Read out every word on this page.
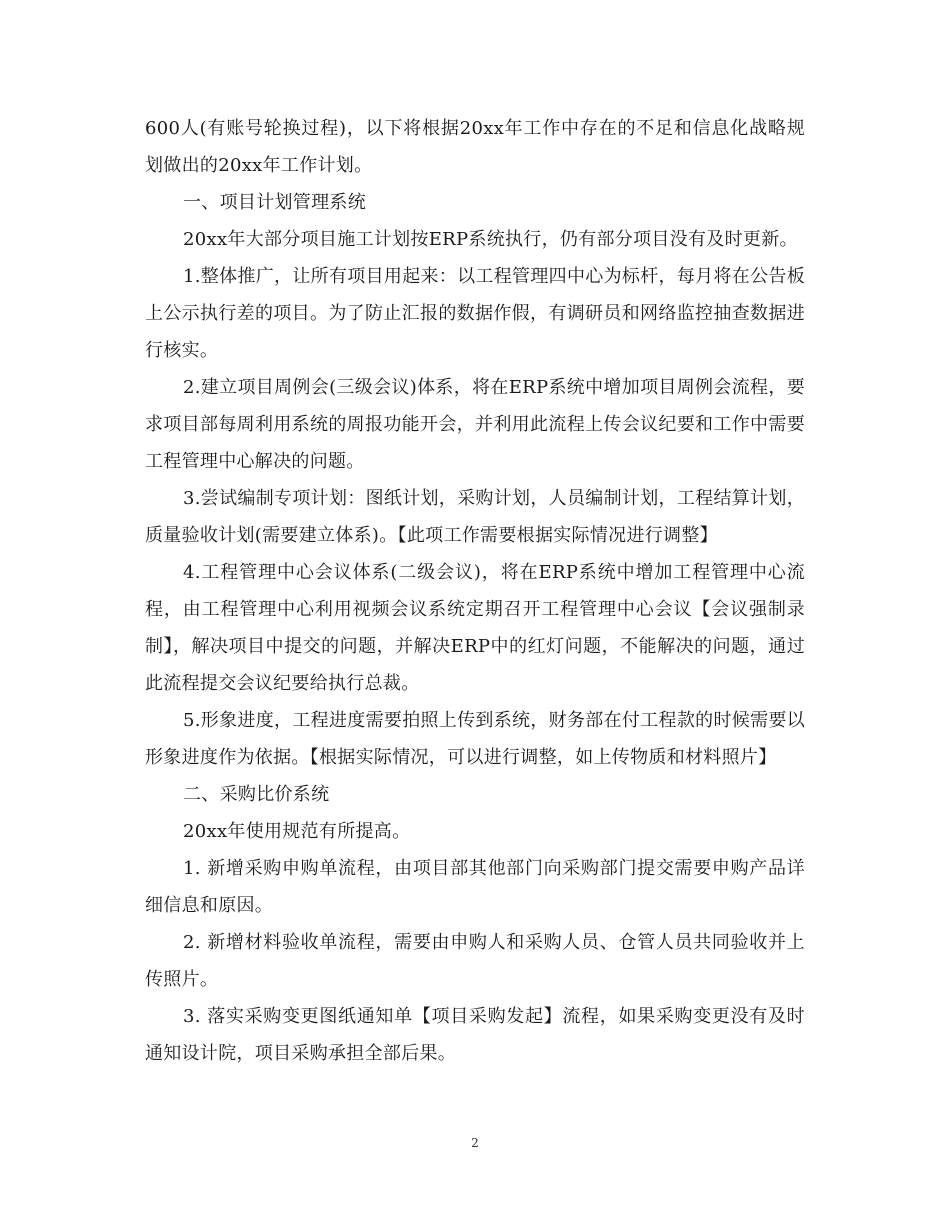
600人(有账号轮换过程)，以下将根据20xx年工作中存在的不足和信息化战略规划做出的20xx年工作计划。

一、项目计划管理系统

20xx年大部分项目施工计划按ERP系统执行，仍有部分项目没有及时更新。

1.整体推广，让所有项目用起来：以工程管理四中心为标杆，每月将在公告板上公示执行差的项目。为了防止汇报的数据作假，有调研员和网络监控抽查数据进行核实。

2.建立项目周例会(三级会议)体系，将在ERP系统中增加项目周例会流程，要求项目部每周利用系统的周报功能开会，并利用此流程上传会议纪要和工作中需要工程管理中心解决的问题。

3.尝试编制专项计划：图纸计划，采购计划，人员编制计划，工程结算计划，质量验收计划(需要建立体系)。【此项工作需要根据实际情况进行调整】

4.工程管理中心会议体系(二级会议)，将在ERP系统中增加工程管理中心流程，由工程管理中心利用视频会议系统定期召开工程管理中心会议【会议强制录制】，解决项目中提交的问题，并解决ERP中的红灯问题，不能解决的问题，通过此流程提交会议纪要给执行总裁。

5.形象进度，工程进度需要拍照上传到系统，财务部在付工程款的时候需要以形象进度作为依据。【根据实际情况，可以进行调整，如上传物质和材料照片】

二、采购比价系统

20xx年使用规范有所提高。

1. 新增采购申购单流程，由项目部其他部门向采购部门提交需要申购产品详细信息和原因。

2. 新增材料验收单流程，需要由申购人和采购人员、仓管人员共同验收并上传照片。

3. 落实采购变更图纸通知单【项目采购发起】流程，如果采购变更没有及时通知设计院，项目采购承担全部后果。

2
